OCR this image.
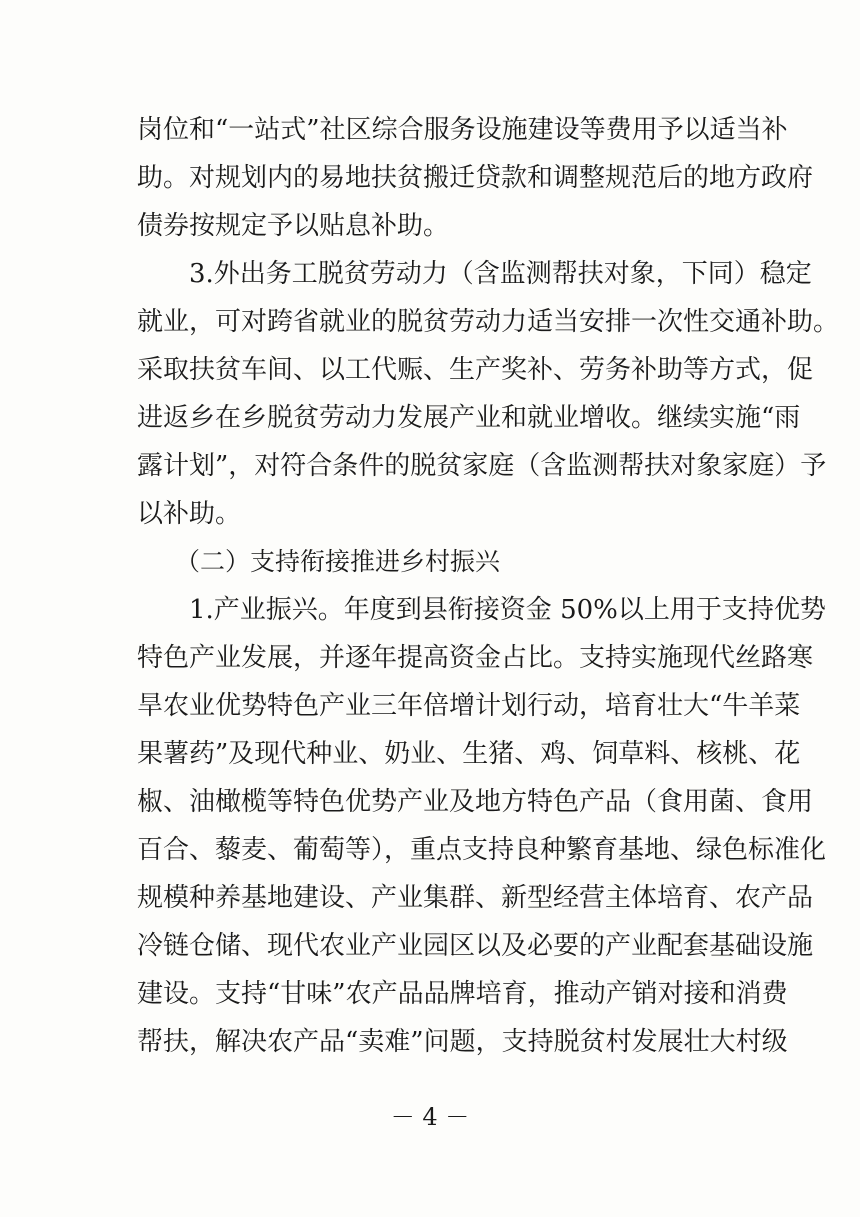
岗位和“一站式”社区综合服务设施建设等费用予以适当补
助。对规划内的易地扶贫搬迁贷款和调整规范后的地方政府
债券按规定予以贴息补助。
3.外出务工脱贫劳动力（含监测帮扶对象，下同）稳定
就业，可对跨省就业的脱贫劳动力适当安排一次性交通补助。
采取扶贫车间、以工代赈、生产奖补、劳务补助等方式，促
进返乡在乡脱贫劳动力发展产业和就业增收。继续实施“雨
露计划”，对符合条件的脱贫家庭（含监测帮扶对象家庭）予
以补助。
（二）支持衔接推进乡村振兴
1.产业振兴。年度到县衔接资金 50%以上用于支持优势
特色产业发展，并逐年提高资金占比。支持实施现代丝路寒
旱农业优势特色产业三年倍增计划行动，培育壮大“牛羊菜
果薯药”及现代种业、奶业、生猪、鸡、饲草料、核桃、花
椒、油橄榄等特色优势产业及地方特色产品（食用菌、食用
百合、藜麦、葡萄等），重点支持良种繁育基地、绿色标准化
规模种养基地建设、产业集群、新型经营主体培育、农产品
冷链仓储、现代农业产业园区以及必要的产业配套基础设施
建设。支持“甘味”农产品品牌培育，推动产销对接和消费
帮扶，解决农产品“卖难”问题，支持脱贫村发展壮大村级
－ 4 －
